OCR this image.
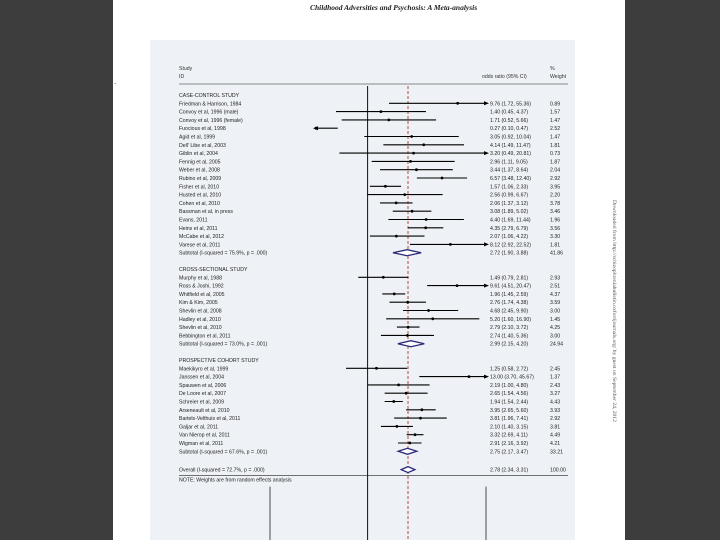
Childhood Adversities and Psychosis: A Meta-analysis
.
Study
ID	odds ratio (95% CI)
%
Weight
CASE-CONTROL STUDY
Friedman & Harrison, 1984	9.76 (1.72, 55.36)	0.89
Convoy et al, 1996 (male)	1.40 (0.45, 4.37)	1.57
Convoy et al, 1996 (female)	1.71 (0.52, 5.66)	1.47
Fuocious et al, 1998	0.27 (0.10, 0.47)	2.52
Agid et al, 1999	3.05 (0.92, 10.04)	1.47
Dell' Libe et al, 2003	4.14 (1.49, 11.47)	1.81
Giblin et al, 2004	3.20 (0.49, 20.81)	0.73
Fennig et al, 2005	2.96 (1.11, 9.05)	1.87
Weber et al, 2008	3.44 (1.37, 8.64)	2.04
Rubino et al, 2009	6.57 (3.48, 12.40)	2.92
Fisher et al, 2010	1.57 (1.06, 2.33)	3.95
Husted et al, 2010	2.56 (0.99, 6.67)	2.20
Cohen et al, 2010	2.06 (1.37, 3.12)	3.78
Bassman et al, in press	3.08 (1.89, 5.02)	3.46
Evans, 2011	4.40 (1.69, 11.44)	1.96
Heins et al, 2011	4.35 (2.79, 6.79)	3.56
McCabe et al, 2012	2.07 (1.06, 4.22)	3.30
Varese et al, 2011	8.12 (2.92, 22.52)	1.81
Subtotal (I-squared = 75.9%, p = .000)	2.72 (1.90, 3.88)	41.86
CROSS-SECTIONAL STUDY
Murphy et al, 1988	1.49 (0.79, 2.81)	2.93
Ross & Joshi, 1992	9.61 (4.51, 20.47)	2.51
Whitfield et al, 2005	1.96 (1.45, 2.59)	4.37
Kim & Kim, 2005	2.76 (1.74, 4.38)	3.59
Shevlin et al, 2008	4.68 (2.45, 9.90)	3.00
Hadley et al, 2010	5.20 (1.60, 16.90)	1.45
Shevlin et al, 2010	2.79 (2.10, 3.72)	4.25
Bebbington et al, 2011	2.74 (1.40, 5.36)	3.00
Subtotal (I-squared = 73.0%, p = .001)	2.99 (2.15, 4.20)	24.94
PROSPECTIVE COHORT STUDY
Maekikyro et al, 1999	1.25 (0.58, 2.72)	2.45
Janssen et al, 2004	13.00 (3.70, 45.67)	1.37
Spauwen et al, 2006	2.19 (1.00, 4.80)	2.43
De Loore et al, 2007	2.65 (1.54, 4.56)	3.27
Schreier et al, 2009	1.94 (1.54, 2.44)	4.43
Arseneault et al, 2010	3.95 (2.65, 5.60)	3.93
Bartels-Velthuis et al, 2011	3.81 (1.96, 7.41)	2.92
Galjar et al, 2011	2.10 (1.40, 3.15)	3.81
Van Nierop et al, 2011	3.32 (2.69, 4.11)	4.49
Wigman et al, 2011	2.91 (2.16, 3.92)	4.21
Subtotal (I-squared = 67.6%, p = .001)	2.75 (2.17, 3.47)	33.21
Overall (I-squared = 72.7%, p = .000)	2.78 (2.34, 3.31)	100.00
NOTE: Weights are from random effects analysis
Downloaded from http://schizophreniabulletin.oxfordjournals.org/ by guest on September 24, 2012
